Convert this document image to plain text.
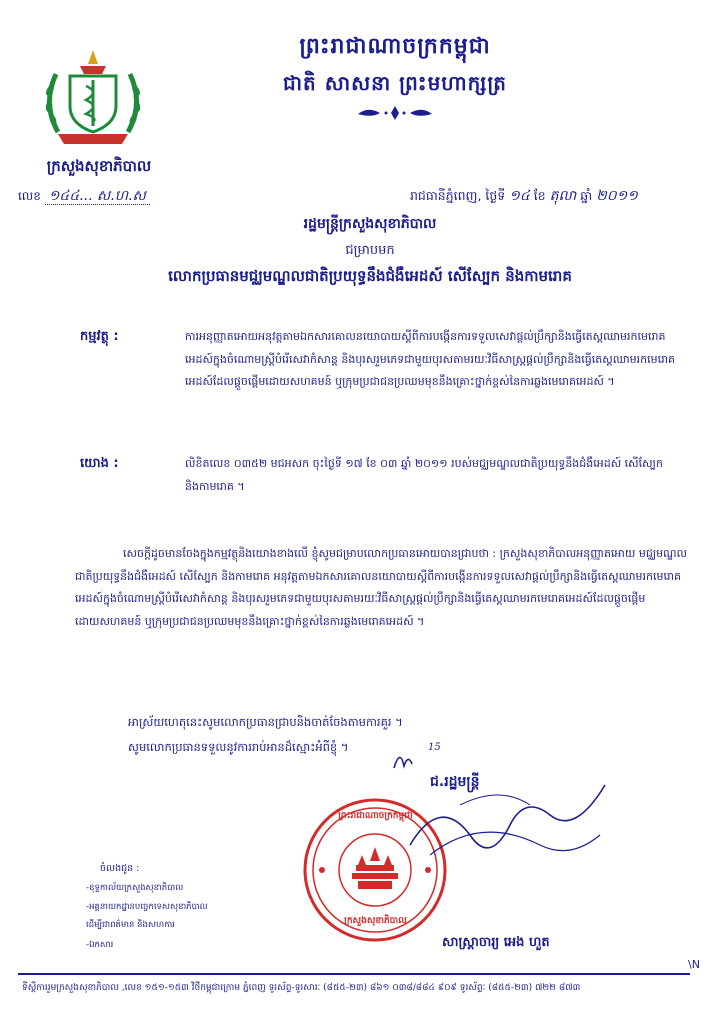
ព្រះរាជាណាចក្រកម្ពុជា
ជាតិ សាសនា ព្រះមហាក្សត្រ
ក្រសួងសុខាភិបាល
លេខ ១៤៤... ស.ហ.ស	រាជធានីភ្នំពេញ, ថ្ងៃទី ១៤ ខែ តុលា ឆ្នាំ ២០១១
រដ្ឋមន្ត្រីក្រសួងសុខាភិបាល
ជម្រាបមក
លោកប្រធានមជ្ឈមណ្ឌលជាតិប្រយុទ្ធនឹងជំងឺអេដស៍ សើស្បែក និងកាមរោគ
កម្មវត្ថុ :	ការអនុញ្ញាតអោយអនុវត្តតាមឯកសារគោលនយោបាយស្តីពីការបង្កើនការទទួលសេវាផ្តល់ប្រឹក្សានិងធ្វើតេស្តឈាមរកមេរោគអេដស៍ក្នុងចំណោមស្ត្រីបំរើសេវាកំសាន្ត និងបុរសរួមភេទជាមួយបុរសតាមរយៈវិធីសាស្ត្រផ្តល់ប្រឹក្សានិងធ្វើតេស្តឈាមរកមេរោគអេដស៍ដែលផ្តួចផ្តើមដោយសហគមន៍ ឬក្រុមប្រជាជនប្រឈមមុខនឹងគ្រោះថ្នាក់ខ្ពស់នៃការឆ្លងមេរោគអេដស៍ ។
យោង :	លិខិតលេខ ០៣៥២ មជអសក ចុះថ្ងៃទី ១៧ ខែ ០៣ ឆ្នាំ ២០១១ របស់មជ្ឈមណ្ឌលជាតិប្រយុទ្ធនឹងជំងឺអេដស៍ សើស្បែក និងកាមរោគ ។
សេចក្តីដូចមានចែងក្នុងកម្មវត្ថុនិងយោងខាងលើ ខ្ញុំសូមជម្រាបលោកប្រធានអោយបានជ្រាបថា : ក្រសួងសុខាភិបាលអនុញ្ញាតអោយ មជ្ឈមណ្ឌលជាតិប្រយុទ្ធនឹងជំងឺអេដស៍ សើស្បែក និងកាមរោគ អនុវត្តតាមឯកសារគោលនយោបាយស្តីពីការបង្កើនការទទួលសេវាផ្តល់ប្រឹក្សានិងធ្វើតេស្តឈាមរកមេរោគអេដស៍ក្នុងចំណោមស្ត្រីបំរើសេវាកំសាន្ត និងបុរសរួមភេទជាមួយបុរសតាមរយៈវិធីសាស្ត្រផ្តល់ប្រឹក្សានិងធ្វើតេស្តឈាមរកមេរោគអេដស៍ដែលផ្តួចផ្តើមដោយសហគមន៍ ឬក្រុមប្រជាជនប្រឈមមុខនឹងគ្រោះថ្នាក់ខ្ពស់នៃការឆ្លងមេរោគអេដស៍ ។
អាស្រ័យហេតុនេះសូមលោកប្រធានជ្រាបនិងចាត់ចែងតាមការគួរ ។
សូមលោកប្រធានទទួលនូវការរាប់អានដ៏ស្មោះអំពីខ្ញុំ ។	15
ជ.រដ្ឋមន្ត្រី
ព្រះរាជាណាចក្រកម្ពុជា
ក្រសួងសុខាភិបាល
សាស្ត្រាចារ្យ អេង ហួត
ចំលងជូន :
-ខុទ្ទកាល័យក្រសួងសុខាភិបាល
-អគ្គនាយកដ្ឋានបច្ចេកទេសសុខាភិបាល
ដើម្បីជាពត៌មាន និងសហការ
-ឯកសារ
\N
ទីស្តីការរួមក្រសួងសុខាភិបាល ,លេខ ១៥១-១៥៣ វិថីកម្ពុជាក្រោម ភ្នំពេញ ទូរស័ព្ទ-ទូរសារៈ (៨៥៥-២៣) ៨៦១ ០៣៨/៨៨៤ ៩០៩ ទូរស័ព្ទៈ (៨៥៥-២៣) ៧២២ ៨៧៣
